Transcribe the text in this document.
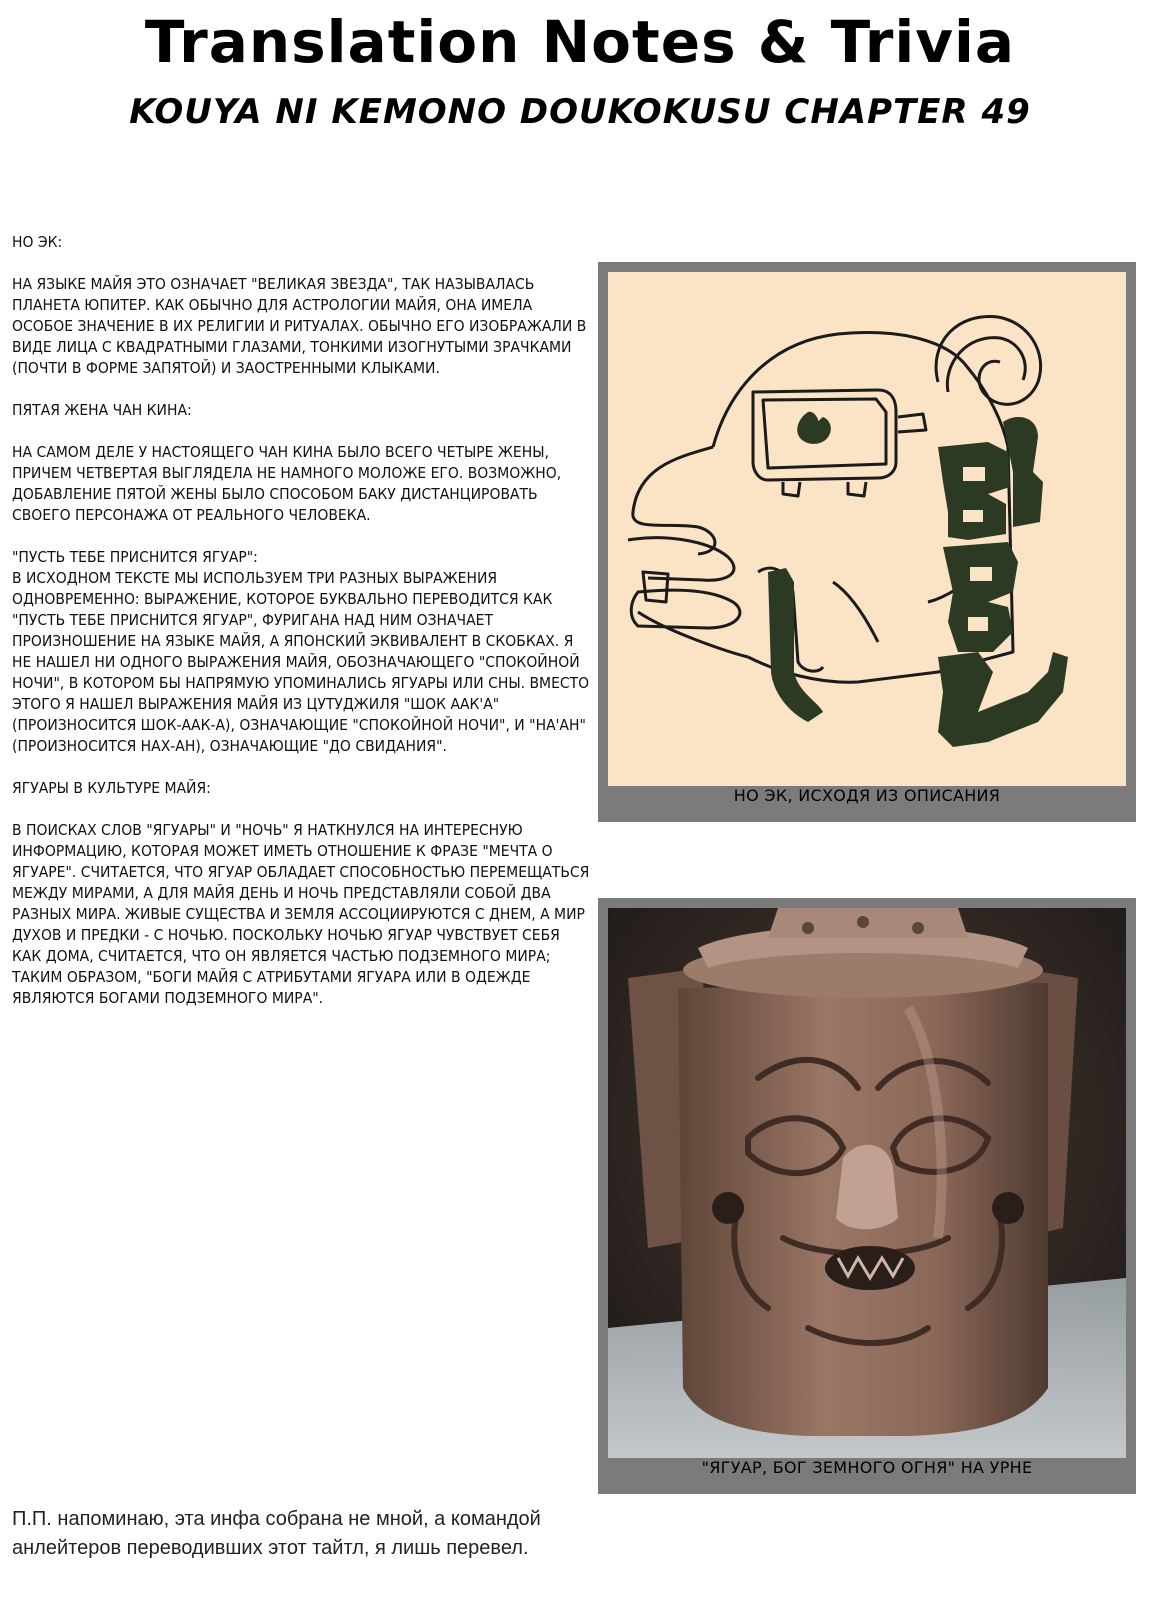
Translation Notes & Trivia
KOUYA NI KEMONO DOUKOKUSU CHAPTER 49

НО ЭК:

НА ЯЗЫКЕ МАЙЯ ЭТО ОЗНАЧАЕТ "ВЕЛИКАЯ ЗВЕЗДА", ТАК НАЗЫВАЛАСЬ ПЛАНЕТА ЮПИТЕР. КАК ОБЫЧНО ДЛЯ АСТРОЛОГИИ МАЙЯ, ОНА ИМЕЛА ОСОБОЕ ЗНАЧЕНИЕ В ИХ РЕЛИГИИ И РИТУАЛАХ. ОБЫЧНО ЕГО ИЗОБРАЖАЛИ В ВИДЕ ЛИЦА С КВАДРАТНЫМИ ГЛАЗАМИ, ТОНКИМИ ИЗОГНУТЫМИ ЗРАЧКАМИ (ПОЧТИ В ФОРМЕ ЗАПЯТОЙ) И ЗАОСТРЕННЫМИ КЛЫКАМИ.

ПЯТАЯ ЖЕНА ЧАН КИНА:

НА САМОМ ДЕЛЕ У НАСТОЯЩЕГО ЧАН КИНА БЫЛО ВСЕГО ЧЕТЫРЕ ЖЕНЫ, ПРИЧЕМ ЧЕТВЕРТАЯ ВЫГЛЯДЕЛА НЕ НАМНОГО МОЛОЖЕ ЕГО. ВОЗМОЖНО, ДОБАВЛЕНИЕ ПЯТОЙ ЖЕНЫ БЫЛО СПОСОБОМ БАКУ ДИСТАНЦИРОВАТЬ СВОЕГО ПЕРСОНАЖА ОТ РЕАЛЬНОГО ЧЕЛОВЕКА.

"ПУСТЬ ТЕБЕ ПРИСНИТСЯ ЯГУАР":

В ИСХОДНОМ ТЕКСТЕ МЫ ИСПОЛЬЗУЕМ ТРИ РАЗНЫХ ВЫРАЖЕНИЯ ОДНОВРЕМЕННО: ВЫРАЖЕНИЕ, КОТОРОЕ БУКВАЛЬНО ПЕРЕВОДИТСЯ КАК "ПУСТЬ ТЕБЕ ПРИСНИТСЯ ЯГУАР", ФУРИГАНА НАД НИМ ОЗНАЧАЕТ ПРОИЗНОШЕНИЕ НА ЯЗЫКЕ МАЙЯ, А ЯПОНСКИЙ ЭКВИВАЛЕНТ В СКОБКАХ. Я НЕ НАШЕЛ НИ ОДНОГО ВЫРАЖЕНИЯ МАЙЯ, ОБОЗНАЧАЮЩЕГО "СПОКОЙНОЙ НОЧИ", В КОТОРОМ БЫ НАПРЯМУЮ УПОМИНАЛИСЬ ЯГУАРЫ ИЛИ СНЫ. ВМЕСТО ЭТОГО Я НАШЕЛ ВЫРАЖЕНИЯ МАЙЯ ИЗ ЦУТУДЖИЛЯ "ШОК ААК'А" (ПРОИЗНОСИТСЯ ШОК-ААК-А), ОЗНАЧАЮЩИЕ "СПОКОЙНОЙ НОЧИ", И "НА'АН" (ПРОИЗНОСИТСЯ НАХ-АН), ОЗНАЧАЮЩИЕ "ДО СВИДАНИЯ".

ЯГУАРЫ В КУЛЬТУРЕ МАЙЯ:

В ПОИСКАХ СЛОВ "ЯГУАРЫ" И "НОЧЬ" Я НАТКНУЛСЯ НА ИНТЕРЕСНУЮ ИНФОРМАЦИЮ, КОТОРАЯ МОЖЕТ ИМЕТЬ ОТНОШЕНИЕ К ФРАЗЕ "МЕЧТА О ЯГУАРЕ". СЧИТАЕТСЯ, ЧТО ЯГУАР ОБЛАДАЕТ СПОСОБНОСТЬЮ ПЕРЕМЕЩАТЬСЯ МЕЖДУ МИРАМИ, А ДЛЯ МАЙЯ ДЕНЬ И НОЧЬ ПРЕДСТАВЛЯЛИ СОБОЙ ДВА РАЗНЫХ МИРА. ЖИВЫЕ СУЩЕСТВА И ЗЕМЛЯ АССОЦИИРУЮТСЯ С ДНЕМ, А МИР ДУХОВ И ПРЕДКИ - С НОЧЬЮ. ПОСКОЛЬКУ НОЧЬЮ ЯГУАР ЧУВСТВУЕТ СЕБЯ КАК ДОМА, СЧИТАЕТСЯ, ЧТО ОН ЯВЛЯЕТСЯ ЧАСТЬЮ ПОДЗЕМНОГО МИРА; ТАКИМ ОБРАЗОМ, "БОГИ МАЙЯ С АТРИБУТАМИ ЯГУАРА ИЛИ В ОДЕЖДЕ ЯВЛЯЮТСЯ БОГАМИ ПОДЗЕМНОГО МИРА".

НО ЭК, ИСХОДЯ ИЗ ОПИСАНИЯ
"ЯГУАР, БОГ ЗЕМНОГО ОГНЯ" НА УРНЕ
П.П. напоминаю, эта инфа собрана не мной, а командой анлейтеров переводивших этот тайтл, я лишь перевел.
